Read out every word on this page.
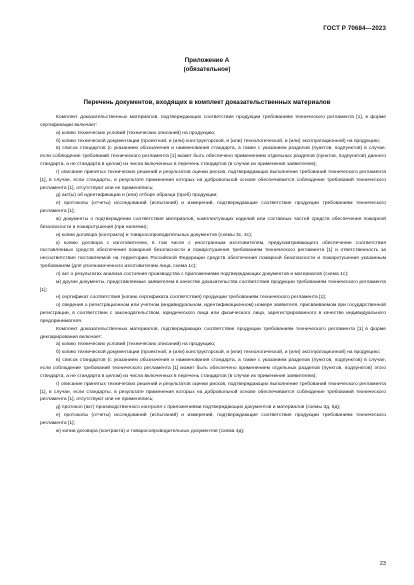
ГОСТ Р 70684—2023
Приложение А
(обязательное)
Перечень документов, входящих в комплект доказательственных материалов

Комплект доказательственных материалов, подтверждающих соответствие продукции требованиям технического регламента [1], в форме сертификации включает:

а) копию технических условий (технических описаний) на продукцию;

б) копию технической документации (проектной, и (или) конструкторской, и (или) технологической, и (или) эксплуатационной) на продукцию;

в) список стандартов (с указанием обозначения и наименования стандарта, а также с указанием разделов (пунктов, подпунктов) в случае, если соблюдение требований технического регламента [1] может быть обеспечено применением отдельных разделов (пунктов, подпунктов) данного стандарта, а не стандарта в целом) из числа включенных в перечень стандартов (в случае их применения заявителем);

г) описание принятых технических решений и результатов оценки рисков, подтверждающих выполнение требований технического регламента [1], в случае, если стандарты, в результате применения которых на добровольной основе обеспечивается соблюдение требований технического регламента [1], отсутствуют или не применялись;

д) акт(ы) об идентификации и (или) отборе образца (проб) продукции;

е) протоколы (отчеты) исследований (испытаний) и измерений, подтверждающие соответствие продукции требованиям технического регламента [1];

ж) документы о подтверждении соответствия материалов, комплектующих изделий или составных частей средств обеспечения пожарной безопасности и пожаротушения (при наличии);

и) копии договора (контракта) и товаросопроводительных документов (схемы 3с, 4с);

к) копию договора с изготовителем, в том числе с иностранным изготовителем, предусматривающего обеспечение соответствия поставляемых средств обеспечения пожарной безопасности и пожаротушения требованиям технического регламента [1] и ответственность за несоответствие поставляемой на территорию Российской Федерации средств обеспечения пожарной безопасности и пожаротушения указанным требованиям (для уполномоченного изготовителем лица, схема 1с);

л) акт о результатах анализа состояния производства с приложениями подтверждающих документов и материалов (схема 1с);

м) другие документы, представляемые заявителем в качестве доказательства соответствия продукции требованиям технического регламента [1];

н) сертификат соответствия (копию сертификата соответствия) продукции требованиям технического регламента [1];

о) сведения о регистрационном или учетном (индивидуальном, идентификационном) номере заявителя, присваиваемом при государственной регистрации, в соответствии с законодательством, юридического лица или физического лица, зарегистрированного в качестве индивидуального предпринимателя.

Комплект доказательственных материалов, подтверждающих соответствие продукции требованиям технического регламента [1] в форме декларирования включает:

а) копию технических условий (технических описаний) на продукцию;

б) копию технической документации (проектной, и (или) конструкторской, и (или) технологической, и (или) эксплуатационной) на продукцию;

в) список стандартов (с указанием обозначения и наименования стандарта, а также с указанием разделов (пунктов, подпунктов) в случае, если соблюдение требований технического регламента [1] может быть обеспечено применением отдельных разделов (пунктов, подпунктов) этого стандарта, а не стандарта в целом) из числа включенных в перечень стандартов (в случае их применения заявителем);

г) описание принятых технических решений и результатов оценки рисков, подтверждающих выполнение требований технического регламента [1], в случае, если стандарты, в результате применения которых на добровольной основе обеспечивается соблюдение требований технического регламента [1], отсутствуют или не применялись;

д) протокол (акт) производственного контроля с приложениями подтверждающих документов и материалов (схемы 3д, 6д);

е) протоколы (отчеты) исследований (испытаний) и измерений, подтверждающие соответствие продукции требованиям технического регламента [1];

ж) копии договора (контракта) и товаросопроводительных документов (схема 4д);

23
